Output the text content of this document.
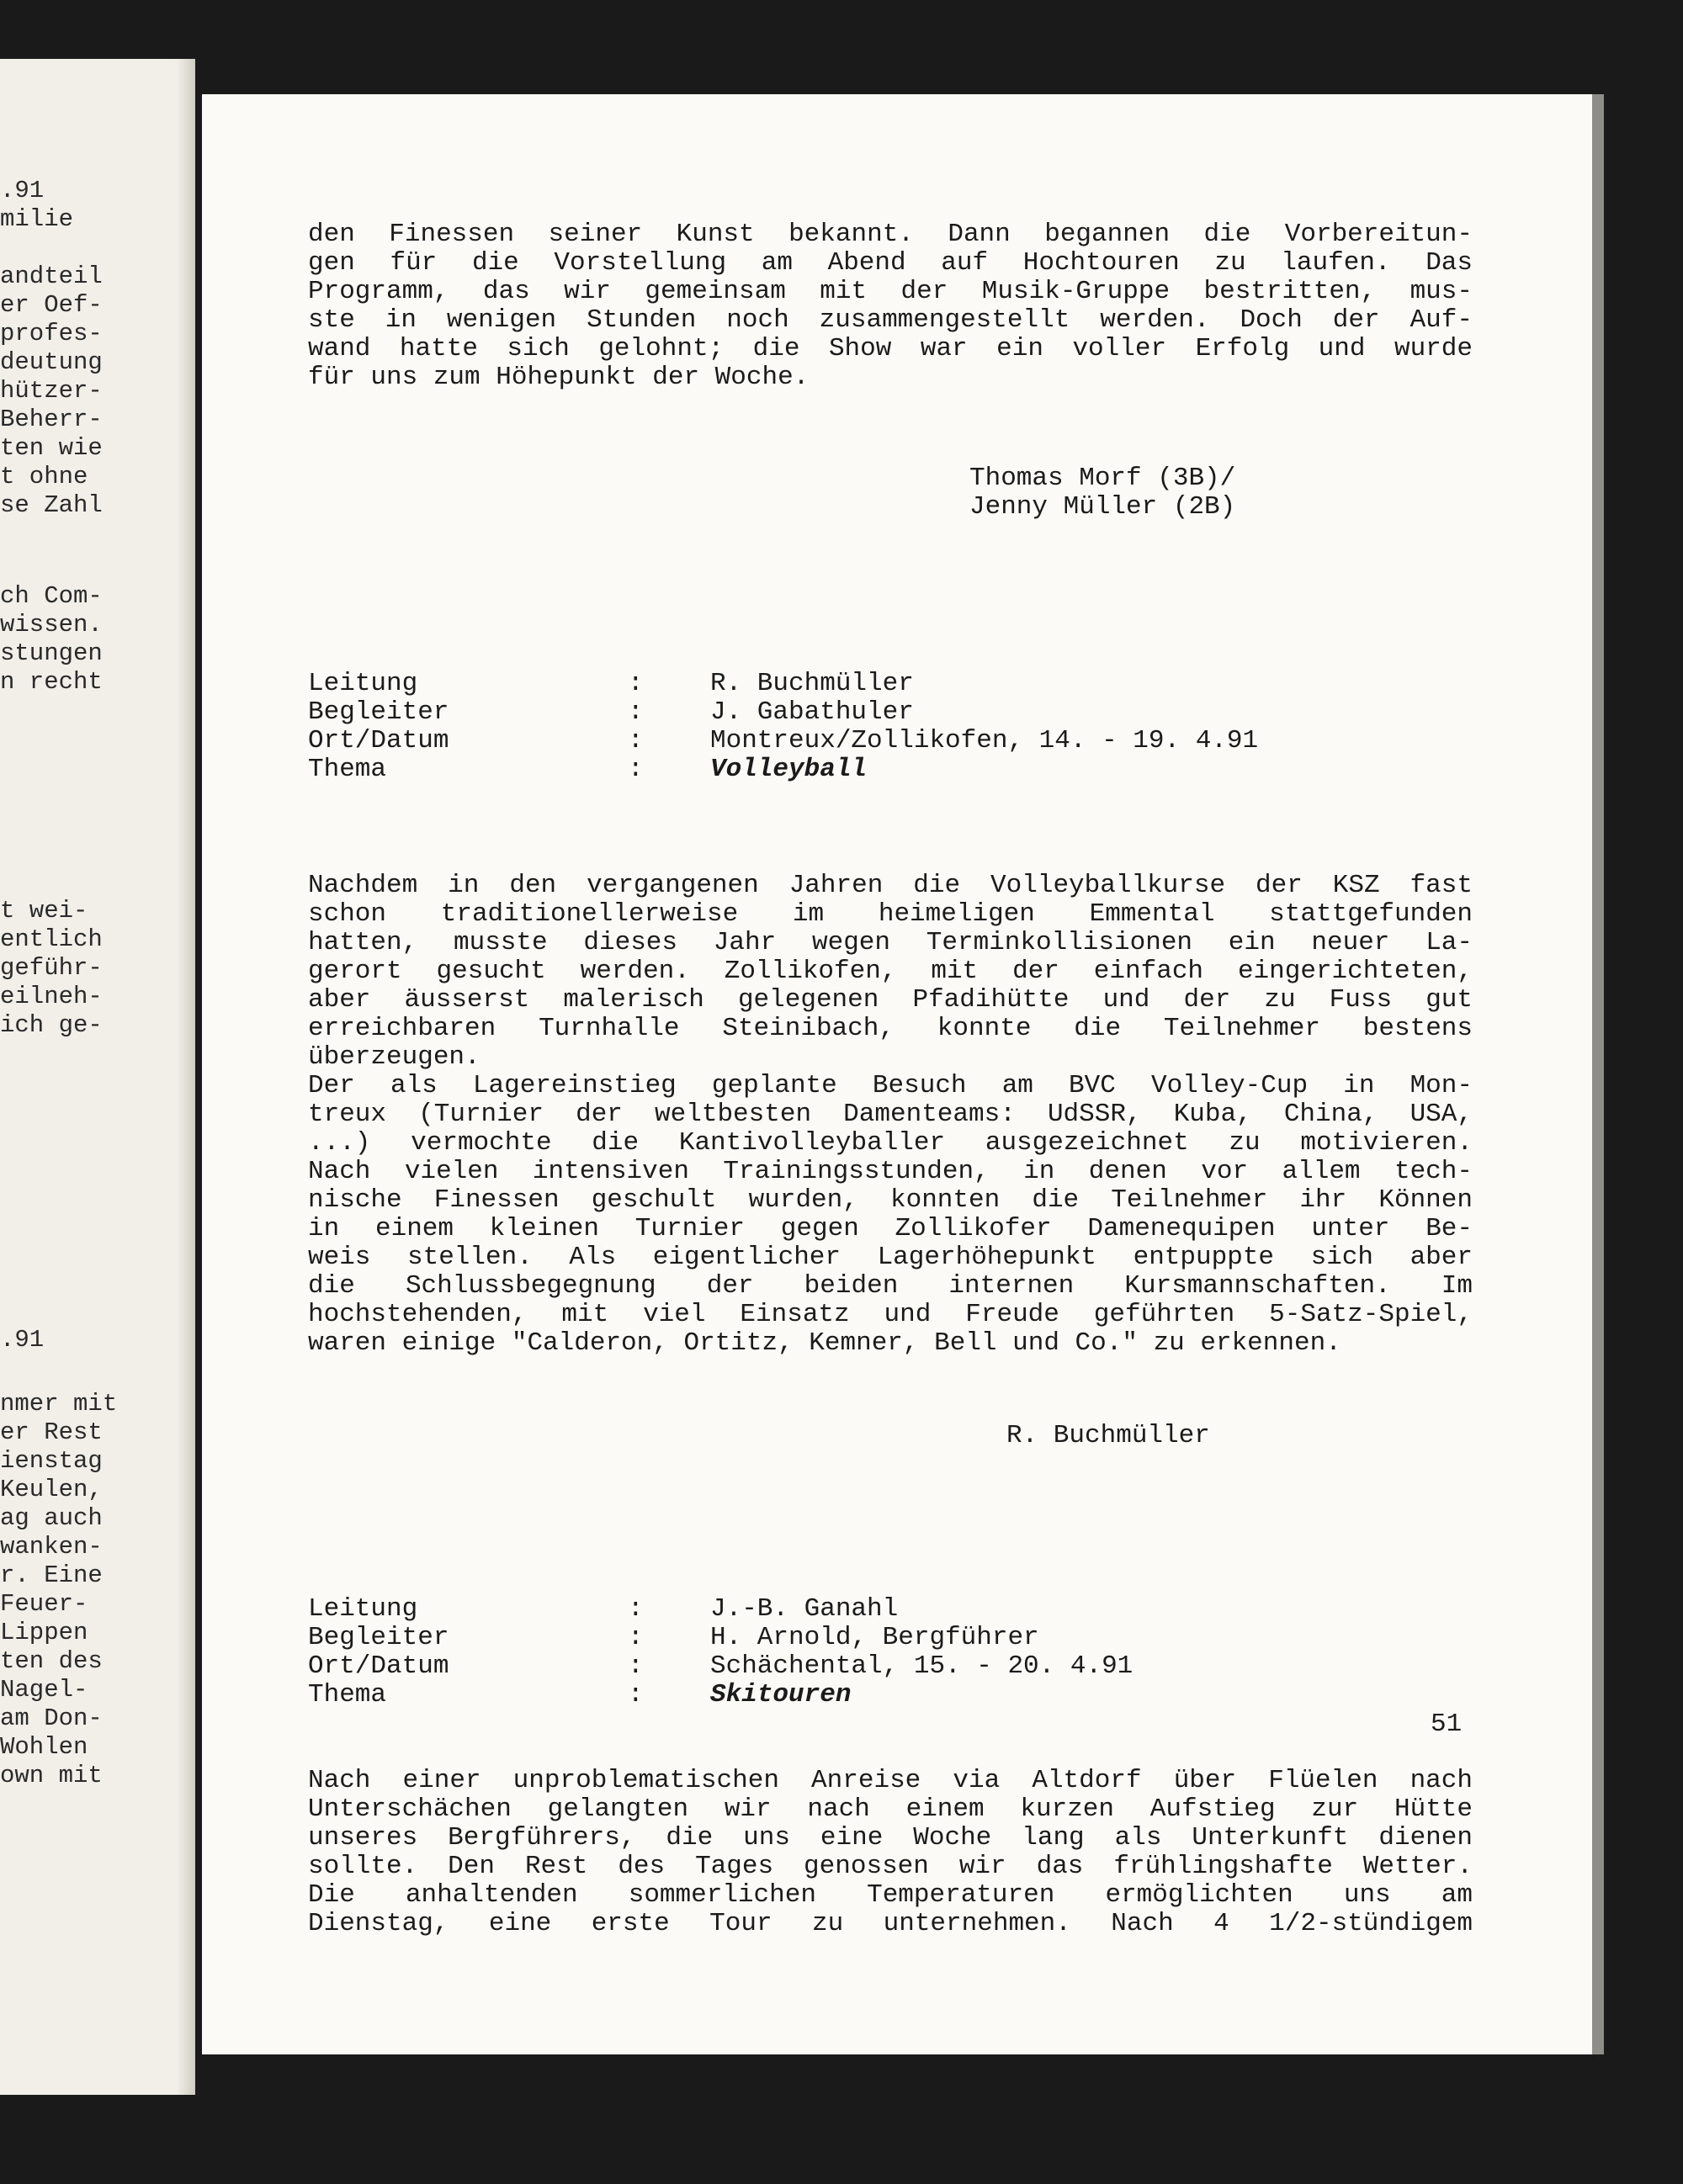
.91
milie
andteil
er Oef-
profes-
deutung
hützer-
Beherr-
ten wie
t ohne
se Zahl
ch Com-
wissen.
stungen
n recht
t wei-
entlich
geführ-
eilneh-
ich ge-
.91
nmer mit
er Rest
ienstag
Keulen,
ag auch
wanken-
r. Eine
Feuer-
Lippen
ten des
Nagel-
am Don-
Wohlen
own mit
den Finessen seiner Kunst bekannt. Dann begannen die Vorbereitun-
gen für die Vorstellung am Abend auf Hochtouren zu laufen. Das
Programm, das wir gemeinsam mit der Musik-Gruppe bestritten, mus-
ste in wenigen Stunden noch zusammengestellt werden. Doch der Auf-
wand hatte sich gelohnt; die Show war ein voller Erfolg und wurde
für uns zum Höhepunkt der Woche.
Thomas Morf (3B)/
Jenny Müller (2B)
Leitung	:	R. Buchmüller
Begleiter	:	J. Gabathuler
Ort/Datum	:	Montreux/Zollikofen, 14. - 19. 4.91
Thema	:	Volleyball
Nachdem in den vergangenen Jahren die Volleyballkurse der KSZ fast
schon traditionellerweise im heimeligen Emmental stattgefunden
hatten, musste dieses Jahr wegen Terminkollisionen ein neuer La-
gerort gesucht werden. Zollikofen, mit der einfach eingerichteten,
aber äusserst malerisch gelegenen Pfadihütte und der zu Fuss gut
erreichbaren Turnhalle Steinibach, konnte die Teilnehmer bestens
überzeugen.
Der als Lagereinstieg geplante Besuch am BVC Volley-Cup in Mon-
treux (Turnier der weltbesten Damenteams: UdSSR, Kuba, China, USA,
...) vermochte die Kantivolleyballer ausgezeichnet zu motivieren.
Nach vielen intensiven Trainingsstunden, in denen vor allem tech-
nische Finessen geschult wurden, konnten die Teilnehmer ihr Können
in einem kleinen Turnier gegen Zollikofer Damenequipen unter Be-
weis stellen. Als eigentlicher Lagerhöhepunkt entpuppte sich aber
die Schlussbegegnung der beiden internen Kursmannschaften. Im
hochstehenden, mit viel Einsatz und Freude geführten 5-Satz-Spiel,
waren einige "Calderon, Ortitz, Kemner, Bell und Co." zu erkennen.
R. Buchmüller
Leitung	:	J.-B. Ganahl
Begleiter	:	H. Arnold, Bergführer
Ort/Datum	:	Schächental, 15. - 20. 4.91
Thema	:	Skitouren
Nach einer unproblematischen Anreise via Altdorf über Flüelen nach
Unterschächen gelangten wir nach einem kurzen Aufstieg zur Hütte
unseres Bergführers, die uns eine Woche lang als Unterkunft dienen
sollte. Den Rest des Tages genossen wir das frühlingshafte Wetter.
Die anhaltenden sommerlichen Temperaturen ermöglichten uns am
Dienstag, eine erste Tour zu unternehmen. Nach 4 1/2-stündigem
51
